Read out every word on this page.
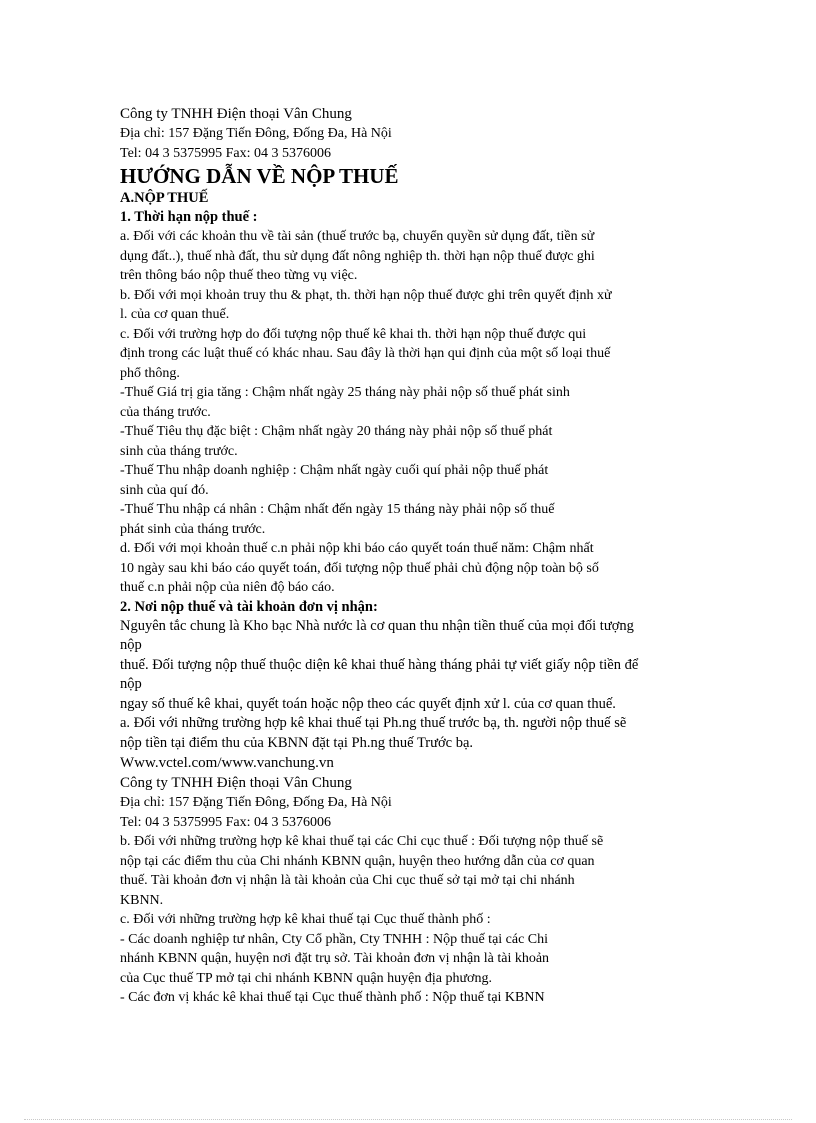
Công ty TNHH Điện thoại Vân Chung
Địa chỉ: 157 Đặng Tiến Đông, Đống Đa, Hà Nội
Tel: 04 3 5375995 Fax: 04 3 5376006
HƯỚNG DẪN VỀ NỘP THUẾ
A.NỘP THUẾ
1. Thời hạn nộp thuế :
a. Đối với các khoản thu về tài sản (thuế trước bạ, chuyển quyền sử dụng đất, tiền sử
dụng đất..), thuế nhà đất, thu sử dụng đất nông nghiệp th. thời hạn nộp thuế được ghi
trên thông báo nộp thuế theo từng vụ việc.
b. Đối với mọi khoản truy thu & phạt, th. thời hạn nộp thuế được ghi trên quyết định xử
l. của cơ quan thuế.
c. Đối với trường hợp do đối tượng nộp thuế kê khai th. thời hạn nộp thuế được qui
định trong các luật thuế có khác nhau. Sau đây là thời hạn qui định của một số loại thuế
phổ thông.
-Thuế Giá trị gia tăng : Chậm nhất ngày 25 tháng này phải nộp số thuế phát sinh
của tháng trước.
-Thuế Tiêu thụ đặc biệt : Chậm nhất ngày 20 tháng này phải nộp số thuế phát
sinh của tháng trước.
-Thuế Thu nhập doanh nghiệp : Chậm nhất ngày cuối quí phải nộp thuế phát
sinh của quí đó.
-Thuế Thu nhập cá nhân : Chậm nhất đến ngày 15 tháng này phải nộp số thuế
phát sinh của tháng trước.
d. Đối với mọi khoản thuế c.n phải nộp khi báo cáo quyết toán thuế năm: Chậm nhất
10 ngày sau khi báo cáo quyết toán, đối tượng nộp thuế phải chủ động nộp toàn bộ số
thuế c.n phải nộp của niên độ báo cáo.
2. Nơi nộp thuế và tài khoản đơn vị nhận:
Nguyên tắc chung là Kho bạc Nhà nước là cơ quan thu nhận tiền thuế của mọi đối tượng
nộp
thuế. Đối tượng nộp thuế thuộc diện kê khai thuế hàng tháng phải tự viết giấy nộp tiền để
nộp
ngay số thuế kê khai, quyết toán hoặc nộp theo các quyết định xử l. của cơ quan thuế.
a. Đối với những trường hợp kê khai thuế tại Ph.ng thuế trước bạ, th. người nộp thuế sẽ
nộp tiền tại điểm thu của KBNN đặt tại Ph.ng thuế Trước bạ.
Www.vctel.com/www.vanchung.vn
Công ty TNHH Điện thoại Vân Chung
Địa chỉ: 157 Đặng Tiến Đông, Đống Đa, Hà Nội
Tel: 04 3 5375995 Fax: 04 3 5376006
b. Đối với những trường hợp kê khai thuế tại các Chi cục thuế : Đối tượng nộp thuế sẽ
nộp tại các điểm thu của Chi nhánh KBNN quận, huyện theo hướng dẫn của cơ quan
thuế. Tài khoản đơn vị nhận là tài khoản của Chi cục thuế sở tại mở tại chi nhánh
KBNN.
c. Đối với những trường hợp kê khai thuế tại Cục thuế thành phố :
- Các doanh nghiệp tư nhân, Cty Cổ phần, Cty TNHH : Nộp thuế tại các Chi
nhánh KBNN quận, huyện nơi đặt trụ sở. Tài khoản đơn vị nhận là tài khoản
của Cục thuế TP mở tại chi nhánh KBNN quận huyện địa phương.
- Các đơn vị khác kê khai thuế tại Cục thuế thành phố : Nộp thuế tại KBNN
